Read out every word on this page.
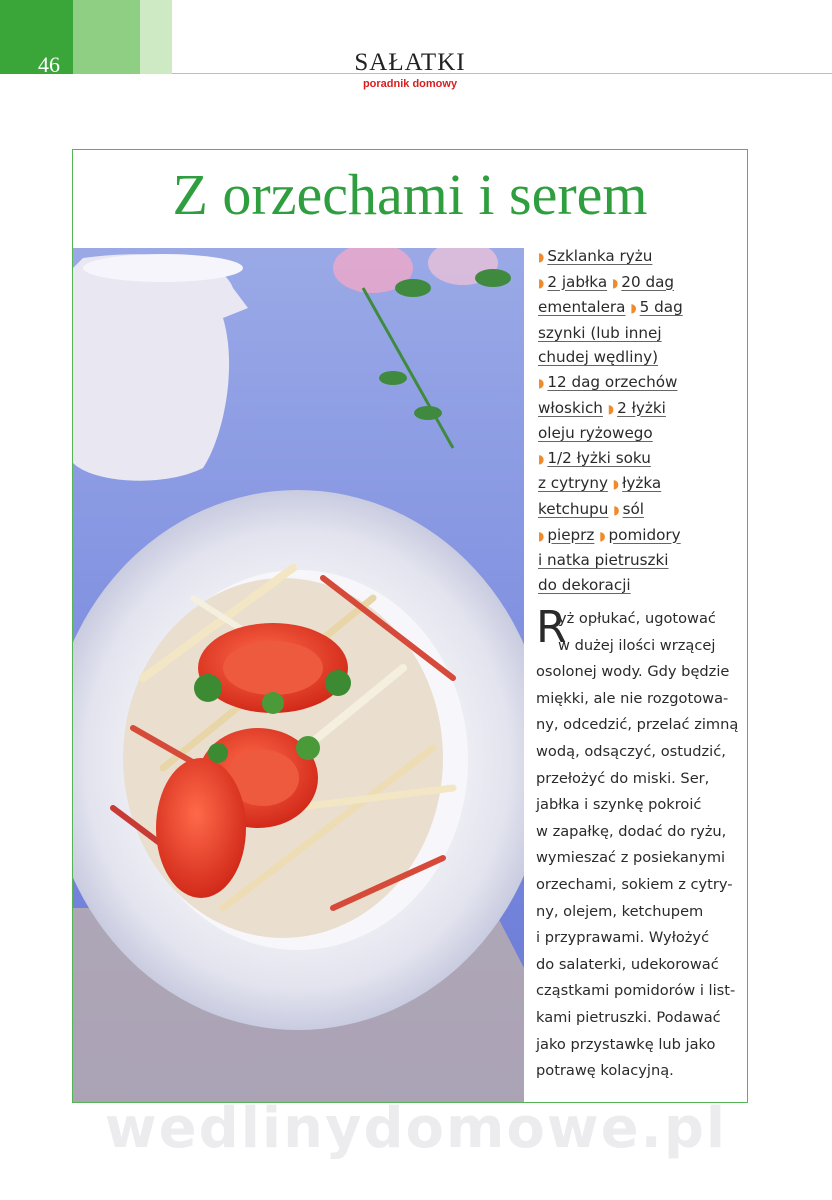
46	SAŁATKI
poradnik domowy
Z orzechami i serem
◗ Szklanka ryżu
◗ 2 jabłka ◗ 20 dag
ementalera ◗ 5 dag
szynki (lub innej
chudej wędliny)
◗ 12 dag orzechów
włoskich ◗ 2 łyżki
oleju ryżowego
◗ 1/2 łyżki soku
z cytryny ◗ łyżka
ketchupu ◗ sól
◗ pieprz ◗ pomidory
i natka pietruszki
do dekoracji
R
yż opłukać, ugotować
w dużej ilości wrzącej
osolonej wody. Gdy będzie
miękki, ale nie rozgotowa-
ny, odcedzić, przelać zimną
wodą, odsączyć, ostudzić,
przełożyć do miski. Ser,
jabłka i szynkę pokroić
w zapałkę, dodać do ryżu,
wymieszać z posiekanymi
orzechami, sokiem z cytry-
ny, olejem, ketchupem
i przyprawami. Wyłożyć
do salaterki, udekorować
cząstkami pomidorów i list-
kami pietruszki. Podawać
jako przystawkę lub jako
potrawę kolacyjną.
wedlinydomowe.pl
